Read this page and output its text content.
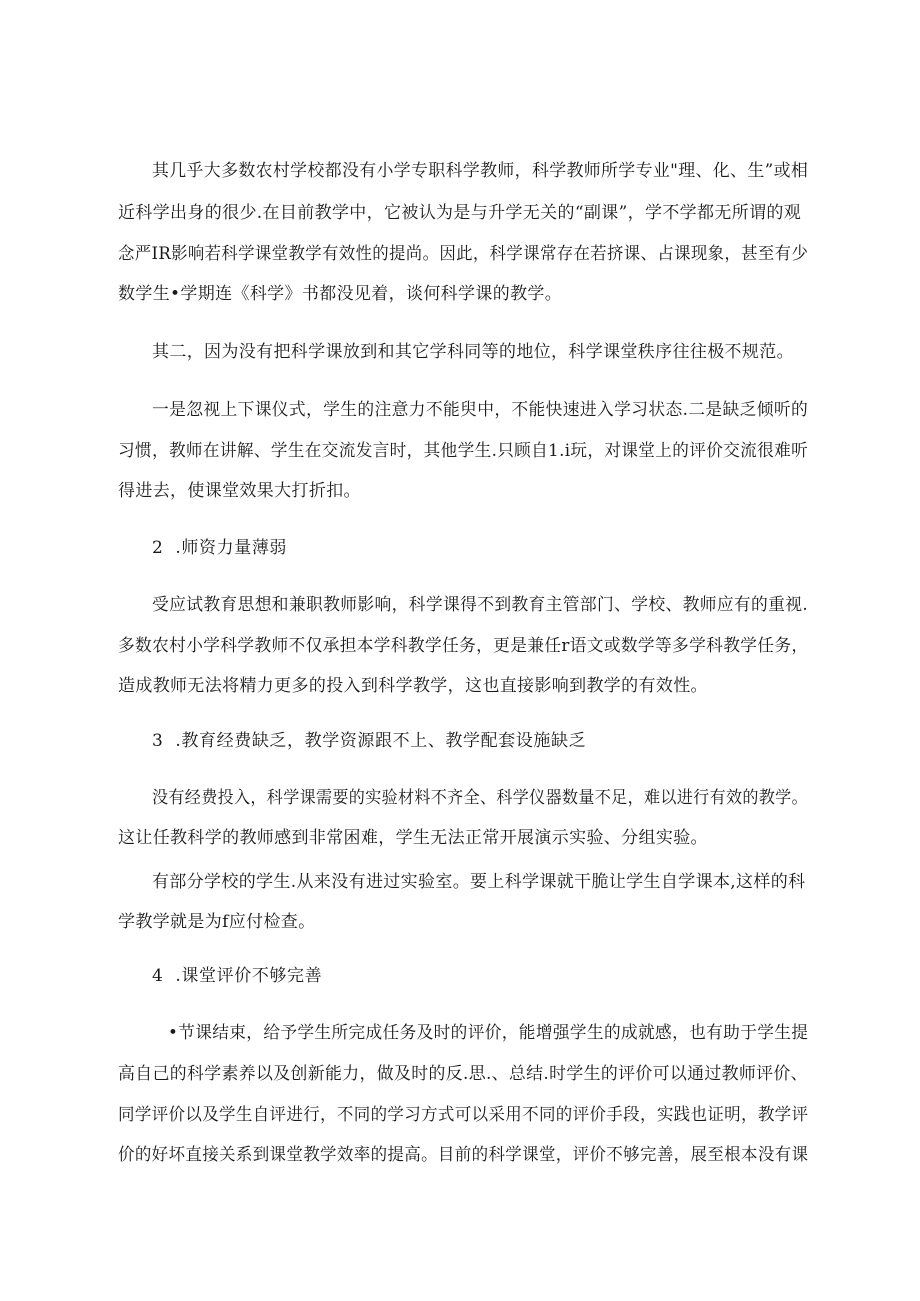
其几乎大多数农村学校都没有小学专职科学教师，科学教师所学专业"理、化、生”或相

近科学出身的很少.在目前教学中，它被认为是与升学无关的“副课”，学不学都无所谓的观

念严IR影响若科学课堂教学有效性的提尚。因此，科学课常存在若挤课、占课现象，甚至有少

数学生•学期连《科学》书都没见着，谈何科学课的教学。

其二，因为没有把科学课放到和其它学科同等的地位，科学课堂秩序往往极不规范。

一是忽视上下课仪式，学生的注意力不能臾中，不能快速进入学习状态.二是缺乏倾听的

习惯，教师在讲解、学生在交流发言时，其他学生.只顾自1.i玩，对课堂上的评价交流很难听

得进去，使课堂效果大打折扣。

2  .师资力量薄弱

受应试教育思想和兼职教师影响，科学课得不到教育主管部门、学校、教师应有的重视.

多数农村小学科学教师不仅承担本学科教学任务，更是兼任r语文或数学等多学科教学任务，

造成教师无法将精力更多的投入到科学教学，这也直接影响到教学的有效性。

3  .教育经费缺乏，教学资源跟不上、教学配套设施缺乏

没有经费投入，科学课需要的实验材料不齐全、科学仪器数量不足，难以进行有效的教学。

这让任教科学的教师感到非常困难，学生无法正常开展演示实验、分组实验。

有部分学校的学生.从来没有进过实验室。要上科学课就干脆让学生自学课本,这样的科

学教学就是为f应付检查。

4  .课堂评价不够完善

•节课结束，给予学生所完成任务及时的评价，能增强学生的成就感，也有助于学生提

高自己的科学素养以及创新能力，做及时的反.思.、总结.时学生的评价可以通过教师评价、

同学评价以及学生自评进行，不同的学习方式可以采用不同的评价手段，实践也证明，教学评

价的好坏直接关系到课堂教学效率的提高。目前的科学课堂，评价不够完善，展至根本没有课
